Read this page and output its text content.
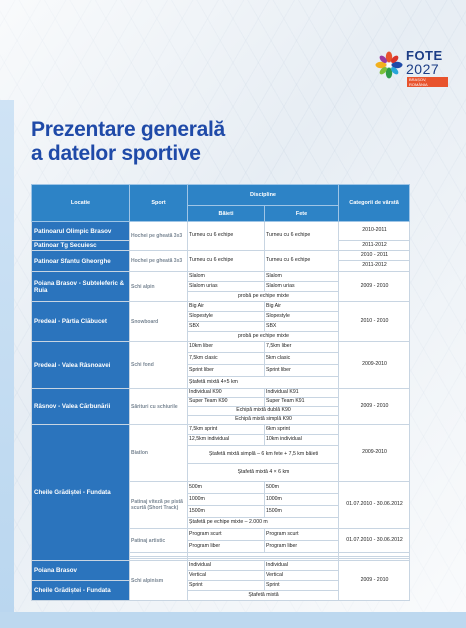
FOTE
2027
BRAȘOV, ROMÂNIA
Prezentare generală
a datelor sportive
Locatie	Sport	Discipline		Categorii de vârstă
		Băieti	Fete	
Patinoarul Olimpic Brasov	Hochei pe gheată 3x3	Turneu cu 6 echipe	Turneu cu 6 echipe	2010-2011
Patinoar Tg Secuiesc				2011-2012
Patinoar Sfantu Gheorghe	Hochei pe gheată 3x3	Turneu cu 6 echipe	Turneu cu 6 echipe	2010 - 2011
				2011-2012
Poiana Brasov - Subteleferic & Ruia	Schi alpin	Slalom	Slalom	2009 - 2010
		Slalom urias	Slalom urias	
		probă pe echipe mixte		
Predeal - Pârtia Clăbucet	Snowboard	Big Air	Big Air	2010 - 2010
		Slopestyle	Slopestyle	
		SBX	SBX	
		probă pe echipe mixte		
Predeal - Valea Râsnoavei	Schi fond	10km liber	7,5km liber	2009-2010
		7,5km clasic	5km clasic	
		Sprint liber	Sprint liber	
		Ștafetă mixtă 4×5 km		
Râsnov - Valea Cărbunării	Sărituri cu schiurile	Individual K90	Individual K91	2009 - 2010
		Super Team K90	Super Team K91	
		Echipă mixtă dublă K90		
		Echipă mixtă simplă K90		
Cheile Grădiștei - Fundata	Biatlon	7,5km sprint	6km sprint	2009-2010
		12,5km individual	10km individual	
		Ștafetă mixtă simplă – 6 km fete + 7,5 km băieti		
		Ștafetă mixtă 4 × 6 km		
	Patinaj viteză pe pistă scurtă (Short Track)	500m	500m	01.07.2010 - 30.06.2012
		1000m	1000m	
		1500m	1500m	
		Ștafetă pe echipe mixte – 2.000 m		
	Patinaj artistic	Program scurt	Program scurt	01.07.2010 - 30.06.2012
		Program liber	Program liber	

Poiana Brasov	Schi alpinism	Individual	Individual	2009 - 2010
		Vertical	Vertical	
Cheile Grădiștei - Fundata		Sprint	Sprint	
		Ștafetă mixtă		
